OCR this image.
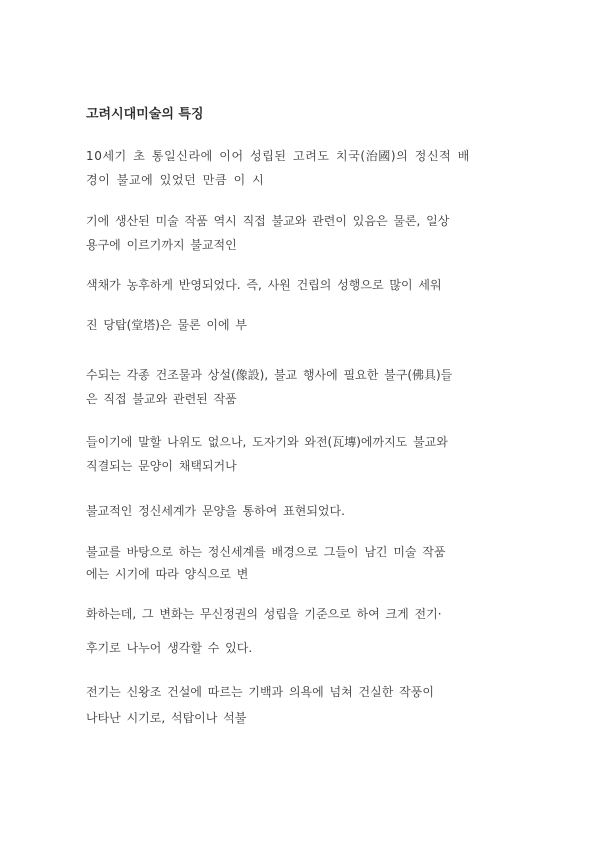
고려시대미술의 특징
10세기 초 통일신라에 이어 성립된 고려도 치국(治國)의 정신적 배
경이 불교에 있었던 만큼 이 시
기에 생산된 미술 작품 역시 직접 불교와 관련이 있음은 물론, 일상
용구에 이르기까지 불교적인
색채가 농후하게 반영되었다. 즉, 사원 건립의 성행으로 많이 세워
진 당탑(堂塔)은 물론 이에 부
수되는 각종 건조물과 상설(像設), 불교 행사에 필요한 불구(佛具)들
은 직접 불교와 관련된 작품
들이기에 말할 나위도 없으나, 도자기와 와전(瓦塼)에까지도 불교와
직결되는 문양이 채택되거나
불교적인 정신세계가 문양을 통하여 표현되었다.
불교를 바탕으로 하는 정신세계를 배경으로 그들이 남긴 미술 작품
에는 시기에 따라 양식으로 변
화하는데, 그 변화는 무신정권의 성립을 기준으로 하여 크게 전기·
후기로 나누어 생각할 수 있다.
전기는 신왕조 건설에 따르는 기백과 의욕에 넘쳐 건실한 작풍이
나타난 시기로, 석탑이나 석불
